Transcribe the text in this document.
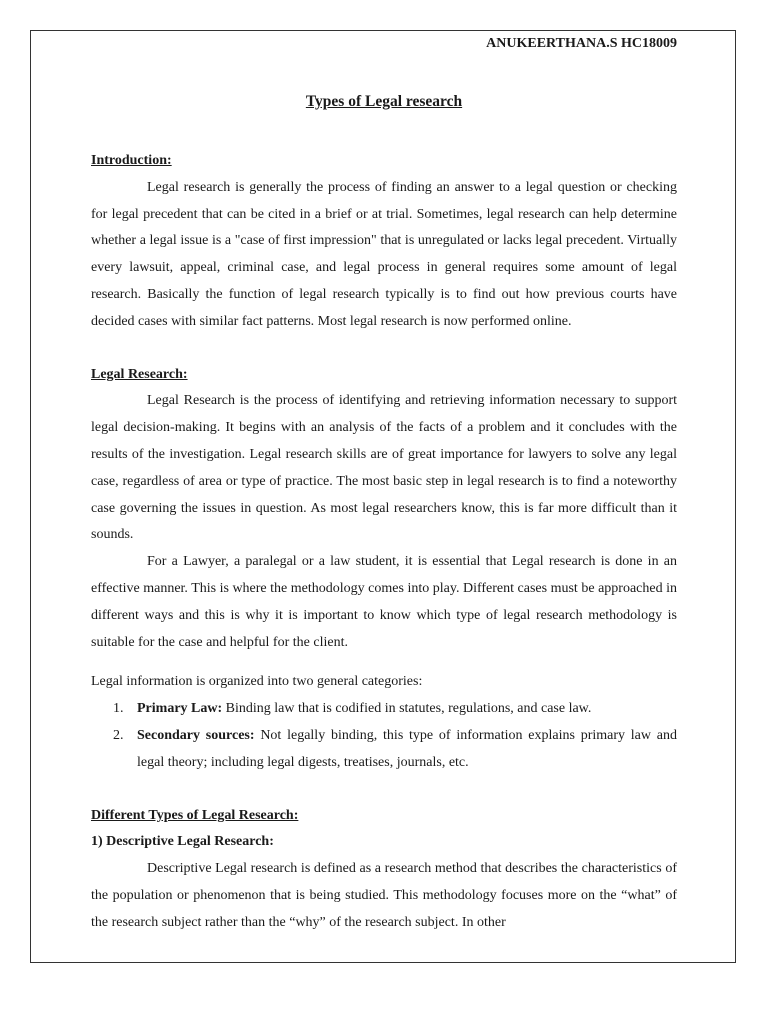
ANUKEERTHANA.S HC18009
Types of Legal research

Introduction:

Legal research is generally the process of finding an answer to a legal question or checking for legal precedent that can be cited in a brief or at trial. Sometimes, legal research can help determine whether a legal issue is a "case of first impression" that is unregulated or lacks legal precedent. Virtually every lawsuit, appeal, criminal case, and legal process in general requires some amount of legal research. Basically the function of legal research typically is to find out how previous courts have decided cases with similar fact patterns. Most legal research is now performed online.

Legal Research:

Legal Research is the process of identifying and retrieving information necessary to support legal decision-making. It begins with an analysis of the facts of a problem and it concludes with the results of the investigation. Legal research skills are of great importance for lawyers to solve any legal case, regardless of area or type of practice. The most basic step in legal research is to find a noteworthy case governing the issues in question. As most legal researchers know, this is far more difficult than it sounds.

For a Lawyer, a paralegal or a law student, it is essential that Legal research is done in an effective manner. This is where the methodology comes into play. Different cases must be approached in different ways and this is why it is important to know which type of legal research methodology is suitable for the case and helpful for the client.

Legal information is organized into two general categories:

1. Primary Law: Binding law that is codified in statutes, regulations, and case law.
2. Secondary sources: Not legally binding, this type of information explains primary law and legal theory; including legal digests, treatises, journals, etc.

Different Types of Legal Research:

1) Descriptive Legal Research:

Descriptive Legal research is defined as a research method that describes the characteristics of the population or phenomenon that is being studied. This methodology focuses more on the “what” of the research subject rather than the “why” of the research subject. In other
